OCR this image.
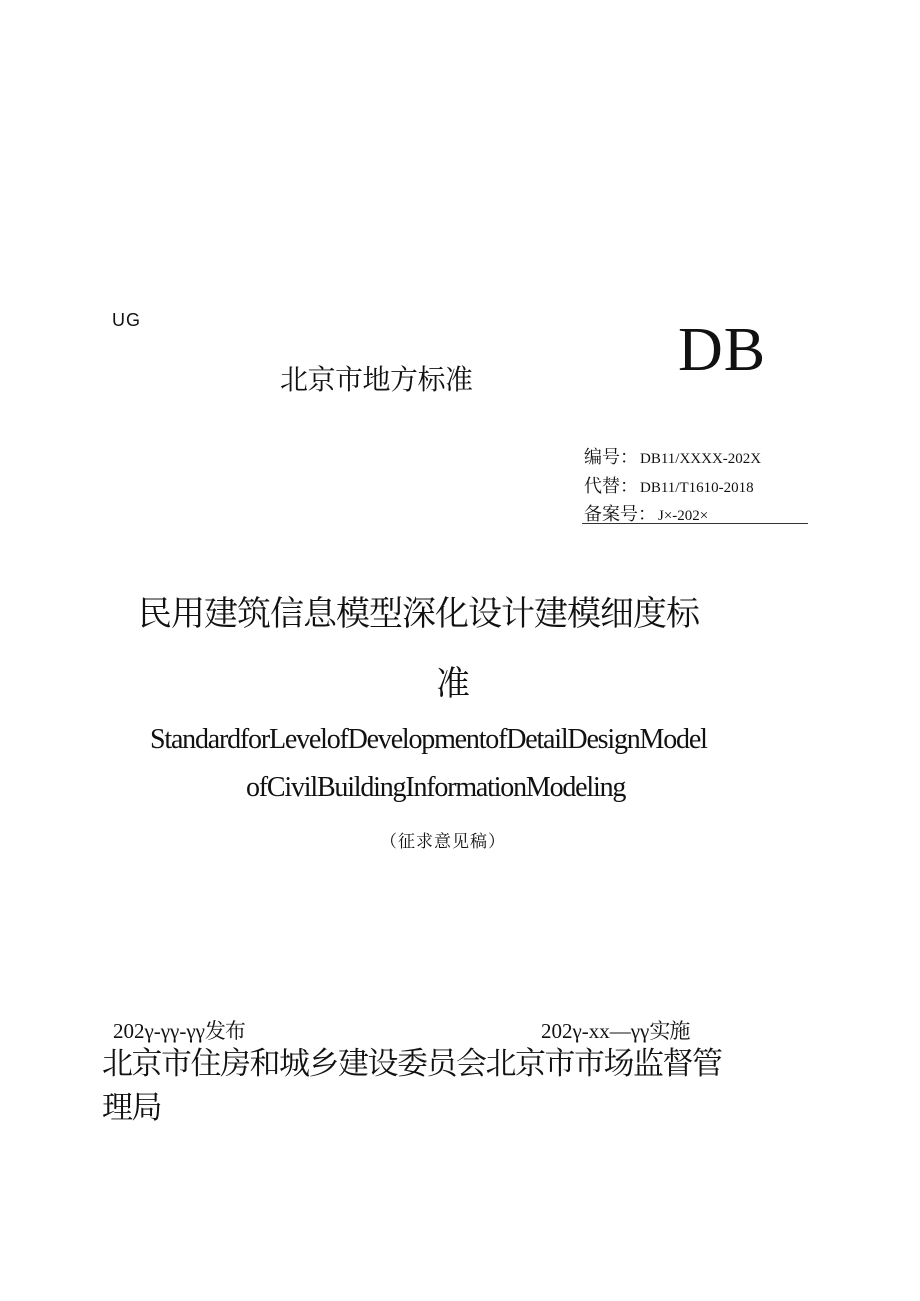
UG
北京市地方标准	DB
编号： DB11/XXXX-202X
代替： DB11/T1610-2018
备案号： J×-202×
民用建筑信息模型深化设计建模细度标
准
StandardforLevelofDevelopmentofDetailDesignModel
ofCivilBuildingInformationModeling
（征求意见稿）
202γ-γγ-γγ发布	202γ-xx—γγ实施
北京市住房和城乡建设委员会北京市市场监督管
理局
